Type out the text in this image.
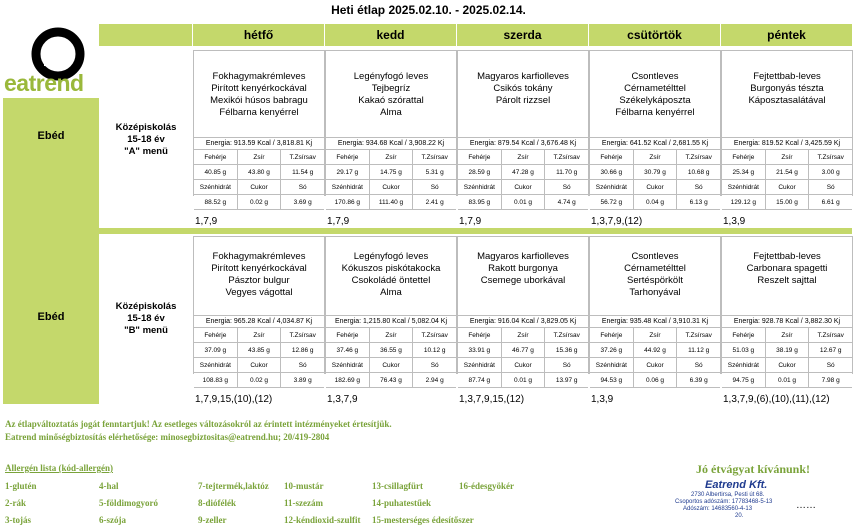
Heti étlap 2025.02.10. - 2025.02.14.
eatrend
hétfő	kedd	szerda	csütörtök	péntek
Ebéd
Középiskolás
15-18 év
"A" menü
Ebéd
Középiskolás
15-18 év
"B" menü
Fokhagymakrémleves
Pirított kenyérkockával
Mexikói húsos babragu
Félbarna kenyérrel
Energia: 913.59 Kcal / 3,818.81 Kj
Fehérje	Zsír	T.Zsírsav
40.85 g	43.80 g	11.54 g
Szénhidrát	Cukor	Só
88.52 g	0.02 g	3.69 g
1,7,9
Legényfogó leves
Tejbegríz
Kakaó szórattal
Alma
Energia: 934.68 Kcal / 3,908.22 Kj
Fehérje	Zsír	T.Zsírsav
29.17 g	14.75 g	5.31 g
Szénhidrát	Cukor	Só
170.86 g	111.40 g	2.41 g
1,7,9
Magyaros karfiolleves
Csikós tokány
Párolt rizzsel
Energia: 879.54 Kcal / 3,676.48 Kj
Fehérje	Zsír	T.Zsírsav
28.59 g	47.28 g	11.70 g
Szénhidrát	Cukor	Só
83.95 g	0.01 g	4.74 g
1,7,9
Csontleves
Cérnametélttel
Székelykáposzta
Félbarna kenyérrel
Energia: 641.52 Kcal / 2,681.55 Kj
Fehérje	Zsír	T.Zsírsav
30.66 g	30.79 g	10.68 g
Szénhidrát	Cukor	Só
56.72 g	0.04 g	6.13 g
1,3,7,9,(12)
Fejtettbab-leves
Burgonyás tészta
Káposztasalátával
Energia: 819.52 Kcal / 3,425.59 Kj
Fehérje	Zsír	T.Zsírsav
25.34 g	21.54 g	3.00 g
Szénhidrát	Cukor	Só
129.12 g	15.00 g	6.61 g
1,3,9
Fokhagymakrémleves
Pirított kenyérkockával
Pásztor bulgur
Vegyes vágottal
Energia: 965.28 Kcal / 4,034.87 Kj
Fehérje	Zsír	T.Zsírsav
37.09 g	43.85 g	12.86 g
Szénhidrát	Cukor	Só
108.83 g	0.02 g	3.89 g
1,7,9,15,(10),(12)
Legényfogó leves
Kókuszos piskótakocka
Csokoládé öntettel
Alma
Energia: 1,215.80 Kcal / 5,082.04 Kj
Fehérje	Zsír	T.Zsírsav
37.46 g	36.55 g	10.12 g
Szénhidrát	Cukor	Só
182.69 g	76.43 g	2.94 g
1,3,7,9
Magyaros karfiolleves
Rakott burgonya
Csemege uborkával
Energia: 916.04 Kcal / 3,829.05 Kj
Fehérje	Zsír	T.Zsírsav
33.91 g	46.77 g	15.36 g
Szénhidrát	Cukor	Só
87.74 g	0.01 g	13.97 g
1,3,7,9,15,(12)
Csontleves
Cérnametélttel
Sertéspörkölt
Tarhonyával
Energia: 935.48 Kcal / 3,910.31 Kj
Fehérje	Zsír	T.Zsírsav
37.26 g	44.92 g	11.12 g
Szénhidrát	Cukor	Só
94.53 g	0.06 g	6.39 g
1,3,9
Fejtettbab-leves
Carbonara spagetti
Reszelt sajttal
Energia: 928.78 Kcal / 3,882.30 Kj
Fehérje	Zsír	T.Zsírsav
51.03 g	38.19 g	12.67 g
Szénhidrát	Cukor	Só
94.75 g	0.01 g	7.98 g
1,3,7,9,(6),(10),(11),(12)
Az étlapváltoztatás jogát fenntartjuk! Az esetleges változásokról az érintett intézményeket értesítjük.
Eatrend minőségbiztosítás elérhetősége: minosegbiztositas@eatrend.hu; 20/419-2804
Allergén lista (kód-allergén)
1-glutén	4-hal	7-tejtermék,laktóz 10-mustár	13-csillagfürt	16-édesgyökér
2-rák	5-földimogyoró	8-diófélék	11-szezám	14-puhatestűek
3-tojás	6-szója	9-zeller	12-kéndioxid-szulfit 15-mesterséges édesítőszer
Jó étvágyat kívánunk!
Eatrend Kft.
2730 Albertirsa, Pesti út 68.
Csoportos adószám: 17783468-5-13
Adószám: 14683560-4-13
20.
……
